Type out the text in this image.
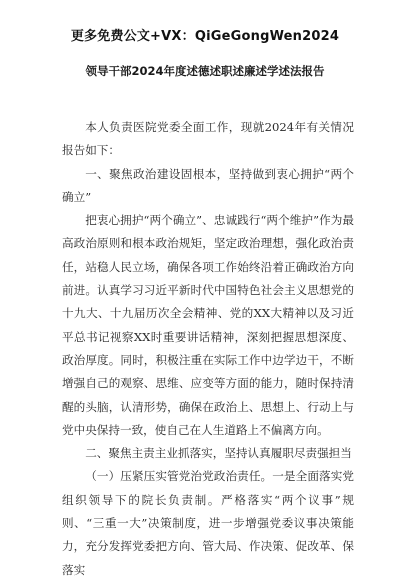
更多免费公文+VX：QiGeGongWen2024
领导干部2024年度述德述职述廉述学述法报告

本人负责医院党委全面工作，现就2024年有关情况报告如下：

一、聚焦政治建设固根本，坚持做到衷心拥护“两个确立”

把衷心拥护“两个确立”、忠诚践行“两个维护”作为最高政治原则和根本政治规矩，坚定政治理想，强化政治责任，站稳人民立场，确保各项工作始终沿着正确政治方向前进。认真学习习近平新时代中国特色社会主义思想党的十九大、十九届历次全会精神、党的XX大精神以及习近平总书记视察XX时重要讲话精神，深刻把握思想深度、政治厚度。同时，积极注重在实际工作中边学边干，不断增强自己的观察、思维、应变等方面的能力，随时保持清醒的头脑，认清形势，确保在政治上、思想上、行动上与党中央保持一致，使自己在人生道路上不偏离方向。

二、聚焦主责主业抓落实，坚持认真履职尽责强担当

（一）压紧压实管党治党政治责任。一是全面落实党组织领导下的院长负责制。严格落实“两个议事”规则、“三重一大”决策制度，进一步增强党委议事决策能力，充分发挥党委把方向、管大局、作决策、促改革、保落实
